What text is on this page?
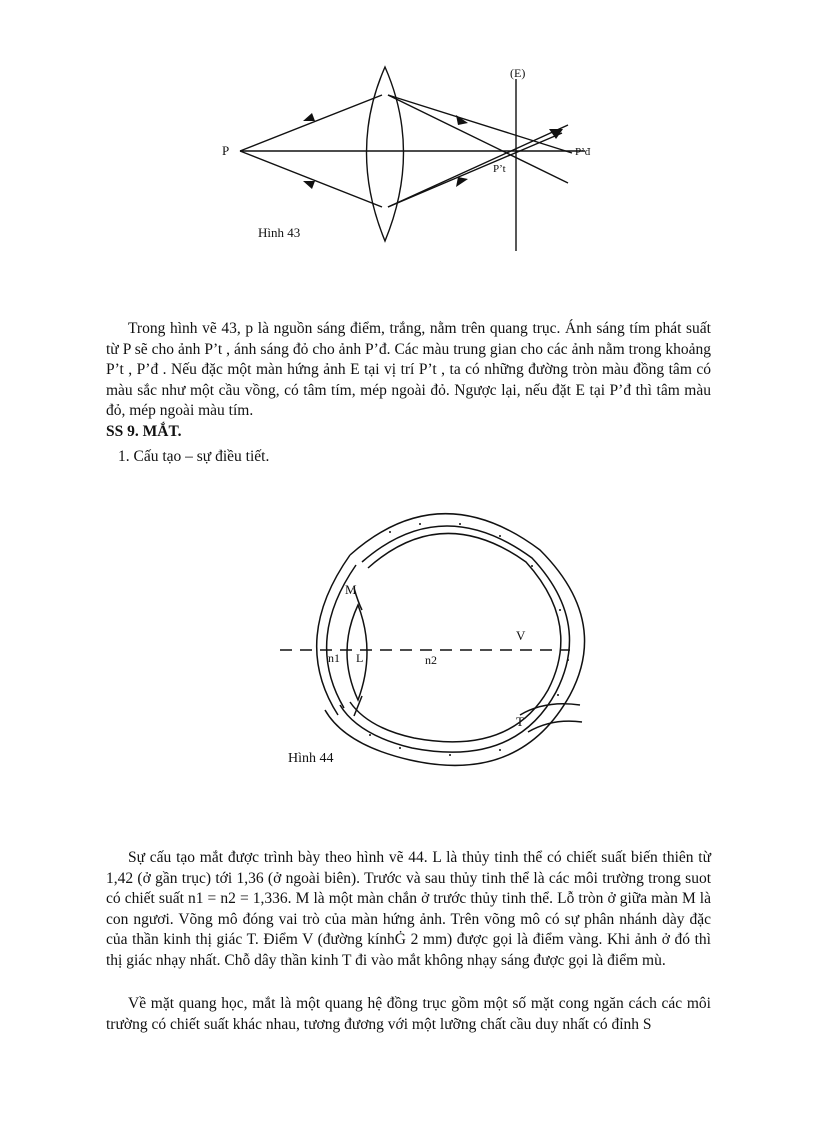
(E)
P
P’t
P’đ
Hình 43

Trong hình vẽ 43, p là nguồn sáng điểm, trắng, nằm trên quang trục. Ánh sáng tím phát suất từ P sẽ cho ảnh P’t , ánh sáng đỏ cho ảnh P’đ. Các màu trung gian cho các ảnh nằm trong khoảng P’t , P’đ . Nếu đặc một màn hứng ảnh E tại vị trí P’t , ta có những đường tròn màu đồng tâm có màu sắc như một cầu vồng, có tâm tím, mép ngoài đỏ. Ngược lại, nếu đặt E tại P’đ thì tâm màu đỏ, mép ngoài màu tím.

SS 9. MẮT.

1. Cấu tạo – sự điều tiết.

M
V
n1 L	n2
T
Hình 44

Sự cấu tạo mắt được trình bày theo hình vẽ 44. L là thủy tinh thể có chiết suất biến thiên từ 1,42 (ở gần trục) tới 1,36 (ở ngoài biên). Trước và sau thủy tinh thể là các môi trường trong suot có chiết suất n1 = n2 = 1,336. M là một màn chắn ở trước thủy tinh thể. Lỗ tròn ở giữa màn M là con ngươi. Võng mô đóng vai trò của màn hứng ảnh. Trên võng mô có sự phân nhánh dày đặc của thần kinh thị giác T. Điểm V (đường kínhĠ 2 mm) được gọi là điểm vàng. Khi ảnh ở đó thì thị giác nhạy nhất. Chỗ dây thần kinh T đi vào mắt không nhạy sáng được gọi là điểm mù.

Về mặt quang học, mắt là một quang hệ đồng trục gồm một số mặt cong ngăn cách các môi trường có chiết suất khác nhau, tương đương với một lưỡng chất cầu duy nhất có đỉnh S
